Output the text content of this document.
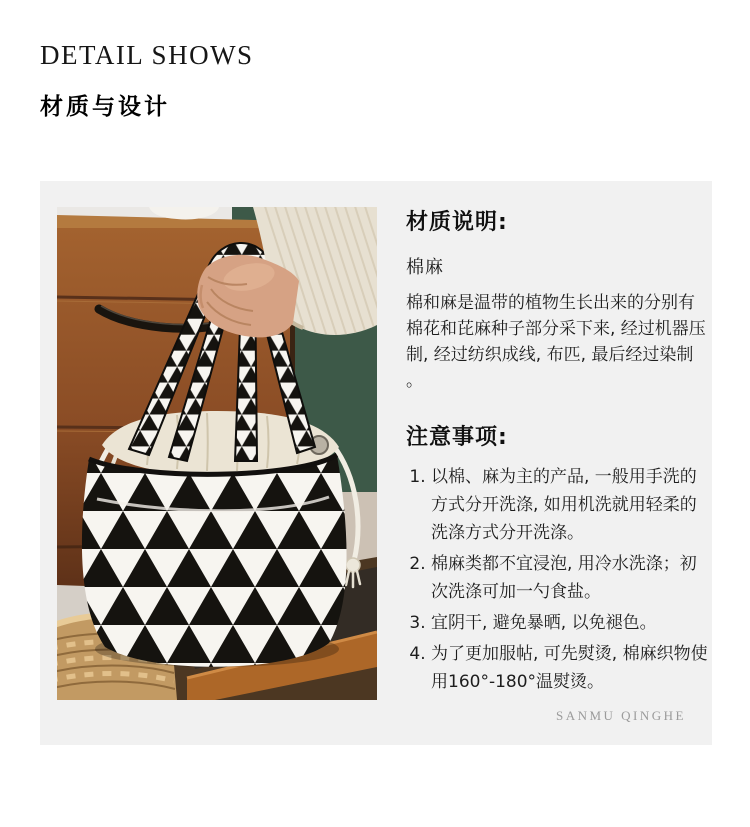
DETAIL SHOWS
材质与设计
材质说明:
棉麻
棉和麻是温带的植物生长出来的分别有棉花和芘麻种子部分采下来, 经过机器压制, 经过纺织成线, 布匹, 最后经过染制 。
注意事项:
1. 以棉、麻为主的产品, 一般用手洗的方式分开洗涤, 如用机洗就用轻柔的洗涤方式分开洗涤。
2. 棉麻类都不宜浸泡, 用冷水洗涤；初次洗涤可加一勺食盐。
3. 宜阴干, 避免暴晒, 以免褪色。
4. 为了更加服帖, 可先熨烫, 棉麻织物使用160°-180°温熨烫。
SANMU QINGHE
